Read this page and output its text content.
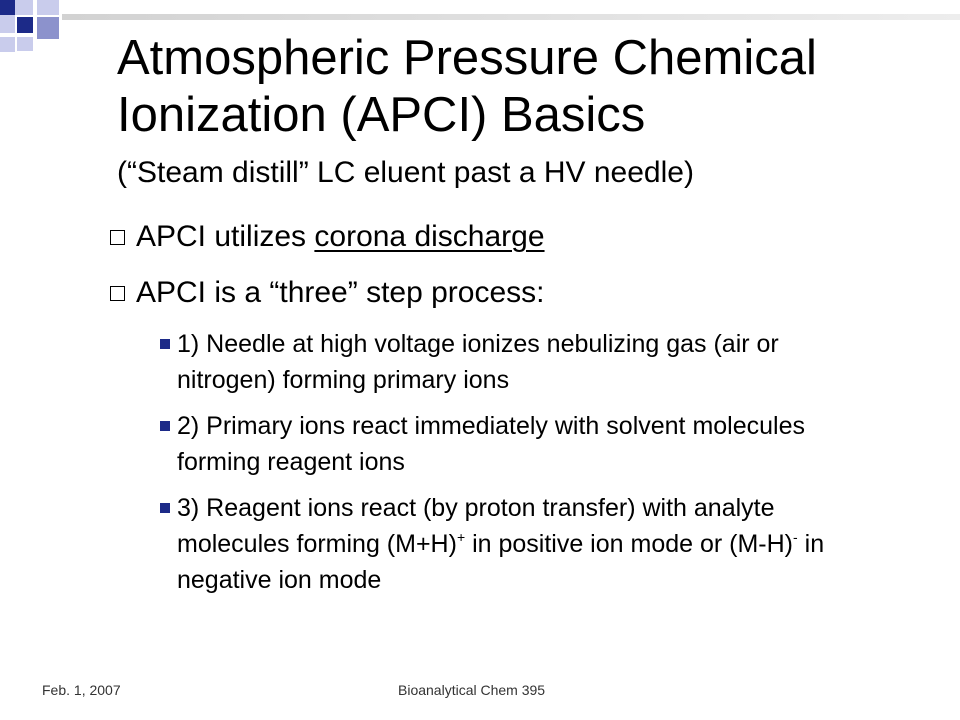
Atmospheric Pressure Chemical
Ionization (APCI) Basics
(“Steam distill” LC eluent past a HV needle)
APCI utilizes corona discharge
APCI is a “three” step process:
1) Needle at high voltage ionizes nebulizing gas (air or nitrogen) forming primary ions
2) Primary ions react immediately with solvent molecules forming reagent ions
3) Reagent ions react (by proton transfer) with analyte molecules forming (M+H)+ in positive ion mode or (M-H)- in negative ion mode
Feb. 1, 2007	Bioanalytical Chem 395
